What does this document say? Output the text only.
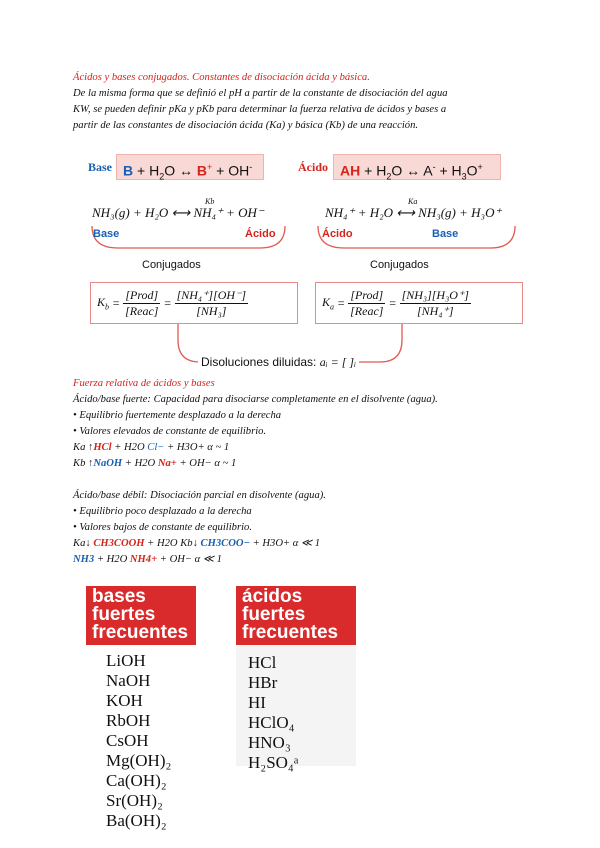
Ácidos y bases conjugados. Constantes de disociación ácida y básica.
De la misma forma que se definió el pH a partir de la constante de disociación del agua
KW, se pueden definir pKa y pKb para determinar la fuerza relativa de ácidos y bases a
partir de las constantes de disociación ácida (Ka) y básica (Kb) de una reacción.
Base $B + H_2O$ ↔ B+ + OH-	Ácido AH + $H_2O$ ↔ $A^- + H_3O^+$
NH₃(g) + H₂O ⟷ NH₄⁺ + OH⁻
Kb
NH₄⁺ + H₂O ⟷ NH₃(g) + H₃O⁺
Ka
Base	Ácido	Ácido	Base
Conjugados	Conjugados
$K_b = \frac{\text{[Prod]}}{\text{[Reac]}} = \frac{\text{[NH₄⁺][OH⁻]}}{\text{[NH₃]}}$	$K_a = \frac{\text{[Prod]}}{\text{[Reac]}} = \frac{\text{[NH₃][H₃O⁺]}}{\text{[NH₄⁺]}}$
Disoluciones diluidas: aᵢ = [ ]ᵢ
Fuerza relativa de ácidos y bases
Ácido/base fuerte: Capacidad para disociarse completamente en el disolvente (agua).
• Equilibrio fuertemente desplazado a la derecha
• Valores elevados de constante de equilibrio.
Ka ↑HCl + H2O Cl− + H3O+ α ~ 1
Kb ↑NaOH + H2O Na+ + OH− α ~ 1
Ácido/base débil: Disociación parcial en disolvente (agua).
• Equilibrio poco desplazado a la derecha
• Valores bajos de constante de equilibrio.
Ka↓ CH3COOH + H2O Kb↓ CH3COO− + H3O+ α ≪ 1
NH3 + H2O NH4+ + OH− α ≪ 1
bases fuertes
frecuentes
LiOH
NaOH
KOH
RbOH
CsOH
Mg(OH)₂
Ca(OH)₂
Sr(OH)₂
Ba(OH)₂
ácidos fuertes
frecuentes
HCl
HBr
HI
HClO₄
HNO₃
H₂SO₄ᵃ
